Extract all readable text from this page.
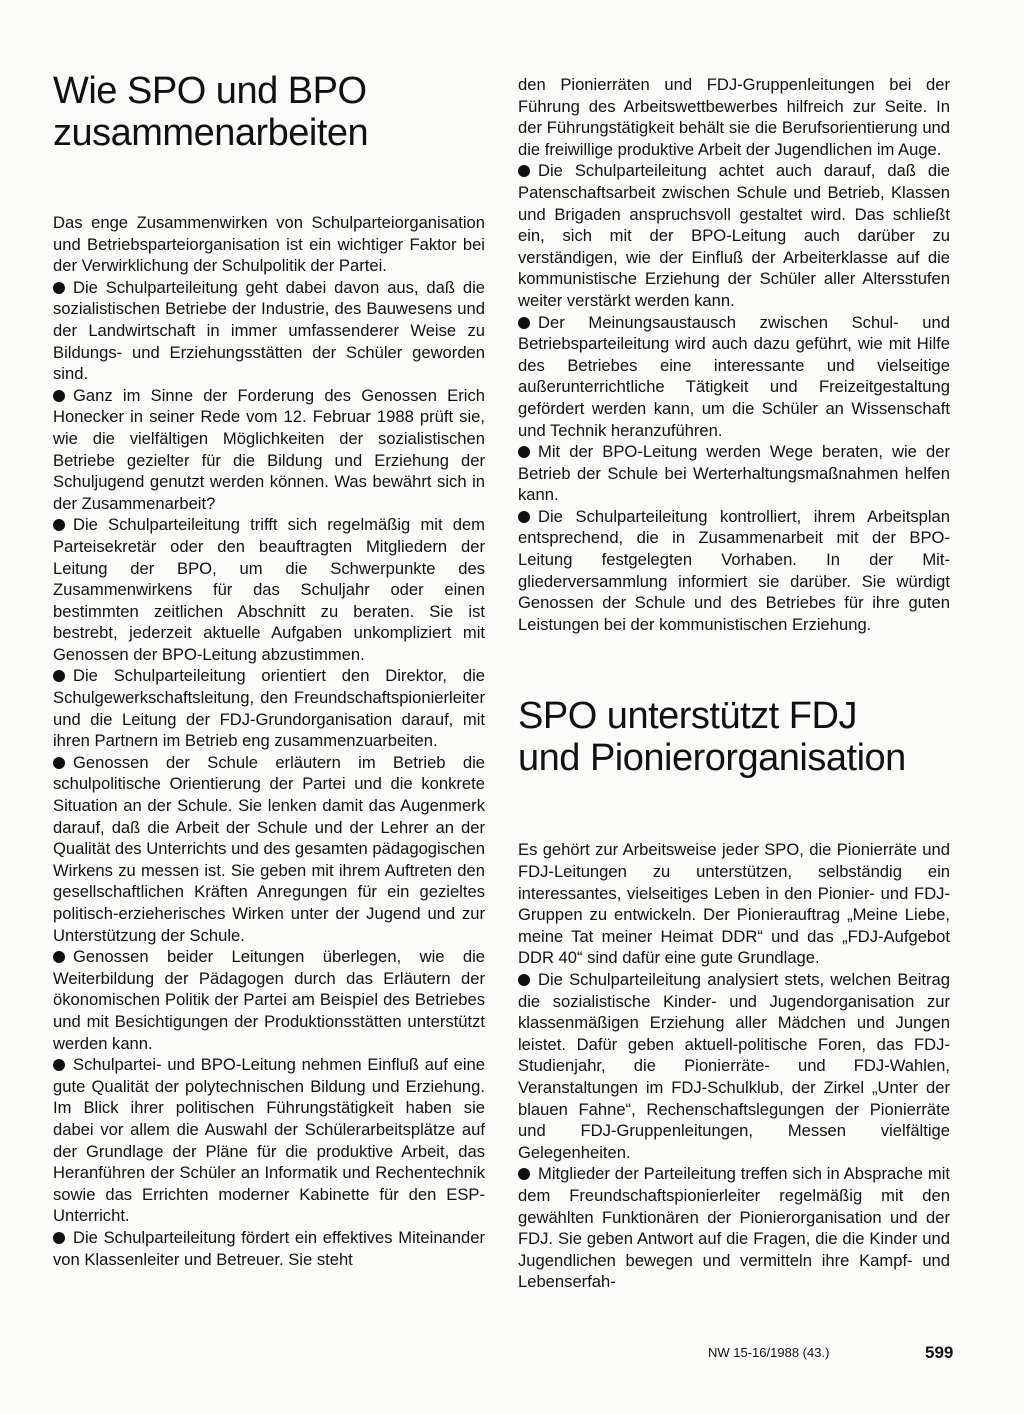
Wie SPO und BPO
zusammenarbeiten

Das enge Zusammenwirken von Schulparteiorganisation und Betriebsparteiorganisation ist ein wichtiger Faktor bei der Verwirklichung der Schulpolitik der Partei.

Die Schulparteileitung geht dabei davon aus, daß die sozialistischen Betriebe der Industrie, des Bauwesens und der Landwirtschaft in immer umfassenderer Weise zu Bildungs- und Erziehungsstätten der Schüler geworden sind.

Ganz im Sinne der Forderung des Genossen Erich Honecker in seiner Rede vom 12. Februar 1988 prüft sie, wie die vielfältigen Möglichkeiten der sozialistischen Betriebe gezielter für die Bildung und Erziehung der Schuljugend genutzt werden können. Was bewährt sich in der Zusammenarbeit?

Die Schulparteileitung trifft sich regelmäßig mit dem Parteisekretär oder den beauftragten Mitgliedern der Leitung der BPO, um die Schwerpunkte des Zusammenwirkens für das Schuljahr oder einen bestimmten zeitlichen Abschnitt zu beraten. Sie ist bestrebt, jederzeit aktuelle Aufgaben unkompliziert mit Genossen der BPO-Leitung abzustimmen.

Die Schulparteileitung orientiert den Direktor, die Schulgewerkschaftsleitung, den Freundschaftspionierleiter und die Leitung der FDJ-Grundorganisation darauf, mit ihren Partnern im Betrieb eng zusammenzuarbeiten.

Genossen der Schule erläutern im Betrieb die schulpolitische Orientierung der Partei und die konkrete Situation an der Schule. Sie lenken damit das Augenmerk darauf, daß die Arbeit der Schule und der Lehrer an der Qualität des Unterrichts und des gesamten pädagogischen Wirkens zu messen ist. Sie geben mit ihrem Auftreten den gesellschaftlichen Kräften Anregungen für ein gezieltes politisch-erzieherisches Wirken unter der Jugend und zur Unterstützung der Schule.

Genossen beider Leitungen überlegen, wie die Weiterbildung der Pädagogen durch das Erläutern der ökonomischen Politik der Partei am Beispiel des Betriebes und mit Besichtigungen der Produktionsstätten unterstützt werden kann.

Schulpartei- und BPO-Leitung nehmen Einfluß auf eine gute Qualität der polytechnischen Bildung und Erziehung. Im Blick ihrer politischen Führungstätigkeit haben sie dabei vor allem die Auswahl der Schülerarbeitsplätze auf der Grundlage der Pläne für die produktive Arbeit, das Heranführen der Schüler an Informatik und Rechentechnik sowie das Errichten moderner Kabinette für den ESP-Unterricht.

Die Schulparteileitung fördert ein effektives Miteinander von Klassenleiter und Betreuer. Sie steht

den Pionierräten und FDJ-Gruppenleitungen bei der Führung des Arbeitswettbewerbes hilfreich zur Seite. In der Führungstätigkeit behält sie die Berufsorientierung und die freiwillige produktive Arbeit der Jugendlichen im Auge.

Die Schulparteileitung achtet auch darauf, daß die Patenschaftsarbeit zwischen Schule und Betrieb, Klassen und Brigaden anspruchsvoll gestaltet wird. Das schließt ein, sich mit der BPO-Leitung auch darüber zu verständigen, wie der Einfluß der Arbeiterklasse auf die kommunistische Erziehung der Schüler aller Altersstufen weiter verstärkt werden kann.

Der Meinungsaustausch zwischen Schul- und Betriebsparteileitung wird auch dazu geführt, wie mit Hilfe des Betriebes eine interessante und vielseitige außerunterrichtliche Tätigkeit und Freizeitgestaltung gefördert werden kann, um die Schüler an Wissenschaft und Technik heranzuführen.

Mit der BPO-Leitung werden Wege beraten, wie der Betrieb der Schule bei Werterhaltungsmaßnahmen helfen kann.

Die Schulparteileitung kontrolliert, ihrem Arbeitsplan entsprechend, die in Zusammenarbeit mit der BPO-Leitung festgelegten Vorhaben. In der Mitgliederversammlung informiert sie darüber. Sie würdigt Genossen der Schule und des Betriebes für ihre guten Leistungen bei der kommunistischen Erziehung.

SPO unterstützt FDJ
und Pionierorganisation

Es gehört zur Arbeitsweise jeder SPO, die Pionierräte und FDJ-Leitungen zu unterstützen, selbständig ein interessantes, vielseitiges Leben in den Pionier- und FDJ-Gruppen zu entwickeln. Der Pionierauftrag „Meine Liebe, meine Tat meiner Heimat DDR“ und das „FDJ-Aufgebot DDR 40“ sind dafür eine gute Grundlage.

Die Schulparteileitung analysiert stets, welchen Beitrag die sozialistische Kinder- und Jugendorganisation zur klassenmäßigen Erziehung aller Mädchen und Jungen leistet. Dafür geben aktuell-politische Foren, das FDJ-Studienjahr, die Pionierräte- und FDJ-Wahlen, Veranstaltungen im FDJ-Schulklub, der Zirkel „Unter der blauen Fahne“, Rechenschaftslegungen der Pionierräte und FDJ-Gruppenleitungen, Messen vielfältige Gelegenheiten.

Mitglieder der Parteileitung treffen sich in Absprache mit dem Freundschaftspionierleiter regelmäßig mit den gewählten Funktionären der Pionierorganisation und der FDJ. Sie geben Antwort auf die Fragen, die die Kinder und Jugendlichen bewegen und vermitteln ihre Kampf- und Lebenserfah-

NW 15-16/1988 (43.)	599
